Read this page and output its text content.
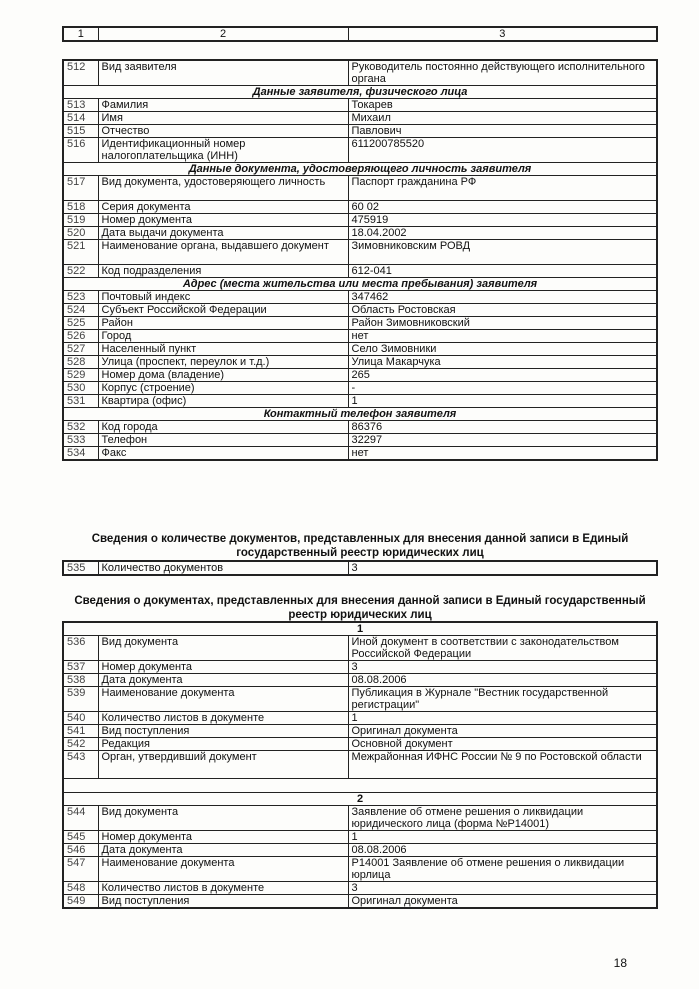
1	2	3
512	Вид заявителя	Руководитель постоянно действующего исполнительного органа
Данные заявителя, физического лица		
513	Фамилия	Токарев
514	Имя	Михаил
515	Отчество	Павлович
516	Идентификационный номер налогоплательщика (ИНН)	611200785520
Данные документа, удостоверяющего личность заявителя		
517	Вид документа, удостоверяющего личность	Паспорт гражданина РФ
518	Серия документа	60 02
519	Номер документа	475919
520	Дата выдачи документа	18.04.2002
521	Наименование органа, выдавшего документ	Зимовниковским РОВД
522	Код подразделения	612-041
Адрес (места жительства или места пребывания) заявителя		
523	Почтовый индекс	347462
524	Субъект Российской Федерации	Область Ростовская
525	Район	Район Зимовниковский
526	Город	нет
527	Населенный пункт	Село Зимовники
528	Улица (проспект, переулок и т.д.)	Улица Макарчука
529	Номер дома (владение)	265
530	Корпус (строение)	-
531	Квартира (офис)	1
Контактный телефон заявителя		
532	Код города	86376
533	Телефон	32297
534	Факс	нет
Сведения о количестве документов, представленных для внесения данной записи в Единый государственный реестр юридических лиц
535	Количество документов	3
Сведения о документах, представленных для внесения данной записи в Единый государственный реестр юридических лиц
1		
536	Вид документа	Иной документ в соответствии с законодательством Российской Федерации
537	Номер документа	3
538	Дата документа	08.08.2006
539	Наименование документа	Публикация в Журнале "Вестник государственной регистрации"
540	Количество листов в документе	1
541	Вид поступления	Оригинал документа
542	Редакция	Основной документ
543	Орган, утвердивший документ	Межрайонная ИФНС России № 9 по Ростовской области

2		
544	Вид документа	Заявление об отмене решения о ликвидации юридического лица (форма №Р14001)
545	Номер документа	1
546	Дата документа	08.08.2006
547	Наименование документа	Р14001 Заявление об отмене решения о ликвидации юрлица
548	Количество листов в документе	3
549	Вид поступления	Оригинал документа
18
